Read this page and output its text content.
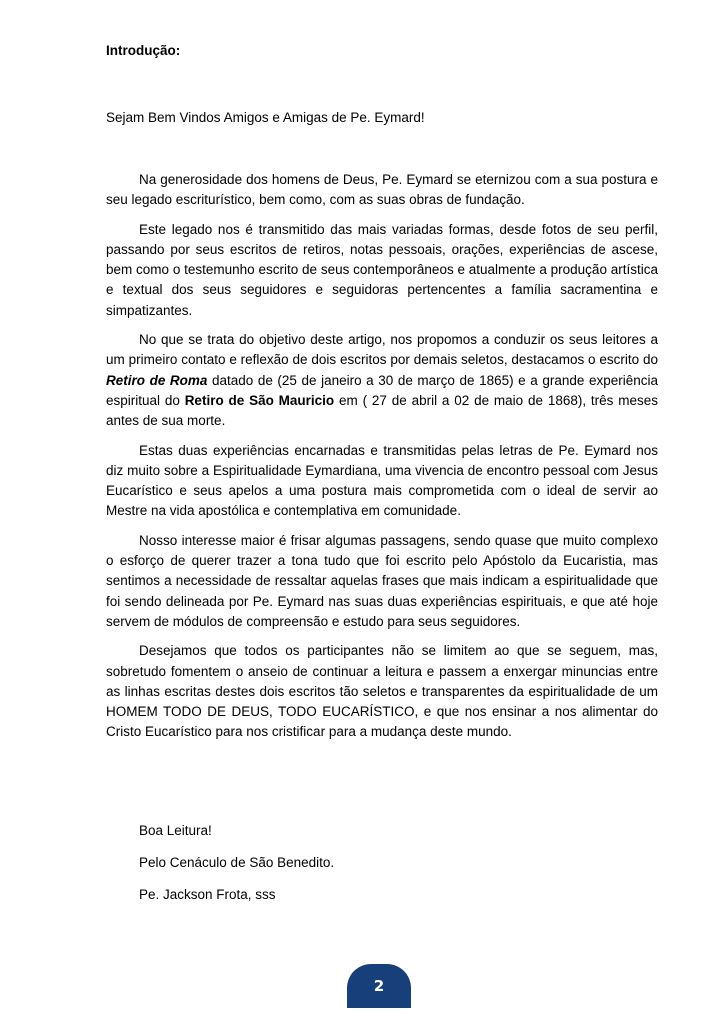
Introdução:

Sejam Bem Vindos Amigos e Amigas de Pe. Eymard!

Na generosidade dos homens de Deus, Pe. Eymard se eternizou com a sua postura e seu legado escriturístico, bem como, com as suas obras de fundação.

Este legado nos é transmitido das mais variadas formas, desde fotos de seu perfil, passando por seus escritos de retiros, notas pessoais, orações, experiências de ascese, bem como o testemunho escrito de seus contemporâneos e atualmente a produção artística e textual dos seus seguidores e seguidoras pertencentes a família sacramentina e simpatizantes.

No que se trata do objetivo deste artigo, nos propomos a conduzir os seus leitores a um primeiro contato e reflexão de dois escritos por demais seletos, destacamos o escrito do Retiro de Roma datado de (25 de janeiro a 30 de março de 1865) e a grande experiência espiritual do Retiro de São Mauricio em ( 27 de abril a 02 de maio de 1868), três meses antes de sua morte.

Estas duas experiências encarnadas e transmitidas pelas letras de Pe. Eymard nos diz muito sobre a Espiritualidade Eymardiana, uma vivencia de encontro pessoal com Jesus Eucarístico e seus apelos a uma postura mais comprometida com o ideal de servir ao Mestre na vida apostólica e contemplativa em comunidade.

Nosso interesse maior é frisar algumas passagens, sendo quase que muito complexo o esforço de querer trazer a tona tudo que foi escrito pelo Apóstolo da Eucaristia, mas sentimos a necessidade de ressaltar aquelas frases que mais indicam a espiritualidade que foi sendo delineada por Pe. Eymard nas suas duas experiências espirituais, e que até hoje servem de módulos de compreensão e estudo para seus seguidores.

Desejamos que todos os participantes não se limitem ao que se seguem, mas, sobretudo fomentem o anseio de continuar a leitura e passem a enxergar minuncias entre as linhas escritas destes dois escritos tão seletos e transparentes da espiritualidade de um HOMEM TODO DE DEUS, TODO EUCARÍSTICO, e que nos ensinar a nos alimentar do Cristo Eucarístico para nos cristificar para a mudança deste mundo.

Boa Leitura!

Pelo Cenáculo de São Benedito.

Pe. Jackson Frota, sss

2
